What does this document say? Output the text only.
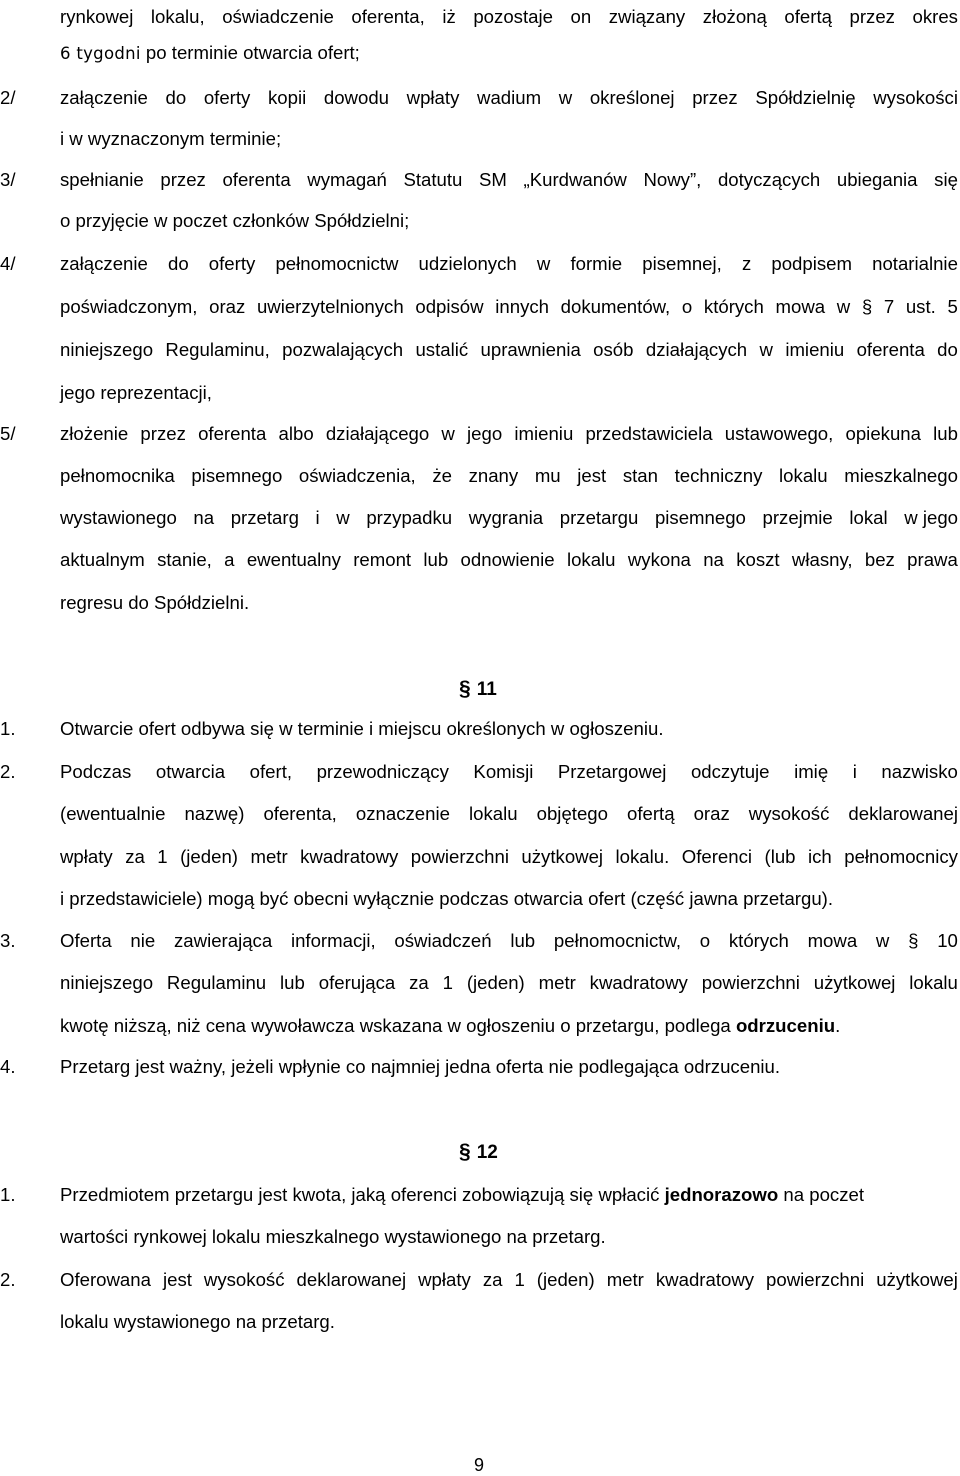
rynkowej lokalu, oświadczenie oferenta, iż pozostaje on związany złożoną ofertą przez okres
6 tygodni po terminie otwarcia ofert;
2/ załączenie do oferty kopii dowodu wpłaty wadium w określonej przez Spółdzielnię wysokości
i w wyznaczonym terminie;
3/ spełnianie przez oferenta wymagań Statutu SM „Kurdwanów Nowy”, dotyczących ubiegania się
o przyjęcie w poczet członków Spółdzielni;
4/ załączenie do oferty pełnomocnictw udzielonych w formie pisemnej, z podpisem notarialnie
poświadczonym, oraz uwierzytelnionych odpisów innych dokumentów, o których mowa w § 7 ust. 5
niniejszego Regulaminu, pozwalających ustalić uprawnienia osób działających w imieniu oferenta do
jego reprezentacji,
5/ złożenie przez oferenta albo działającego w jego imieniu przedstawiciela ustawowego, opiekuna lub
pełnomocnika pisemnego oświadczenia, że znany mu jest stan techniczny lokalu mieszkalnego
wystawionego na przetarg i w przypadku wygrania przetargu pisemnego przejmie lokal w jego
aktualnym stanie, a ewentualny remont lub odnowienie lokalu wykona na koszt własny, bez prawa
regresu do Spółdzielni.
§ 11
1. Otwarcie ofert odbywa się w terminie i miejscu określonych w ogłoszeniu.
2. Podczas otwarcia ofert, przewodniczący Komisji Przetargowej odczytuje imię i nazwisko
(ewentualnie nazwę) oferenta, oznaczenie lokalu objętego ofertą oraz wysokość deklarowanej
wpłaty za 1 (jeden) metr kwadratowy powierzchni użytkowej lokalu. Oferenci (lub ich pełnomocnicy
i przedstawiciele) mogą być obecni wyłącznie podczas otwarcia ofert (część jawna przetargu).
3. Oferta nie zawierająca informacji, oświadczeń lub pełnomocnictw, o których mowa w § 10
niniejszego Regulaminu lub oferująca za 1 (jeden) metr kwadratowy powierzchni użytkowej lokalu
kwotę niższą, niż cena wywoławcza wskazana w ogłoszeniu o przetargu, podlega odrzuceniu.
4. Przetarg jest ważny, jeżeli wpłynie co najmniej jedna oferta nie podlegająca odrzuceniu.
§ 12
1. Przedmiotem przetargu jest kwota, jaką oferenci zobowiązują się wpłacić jednorazowo na poczet
wartości rynkowej lokalu mieszkalnego wystawionego na przetarg.
2. Oferowana jest wysokość deklarowanej wpłaty za 1 (jeden) metr kwadratowy powierzchni użytkowej
lokalu wystawionego na przetarg.
9
